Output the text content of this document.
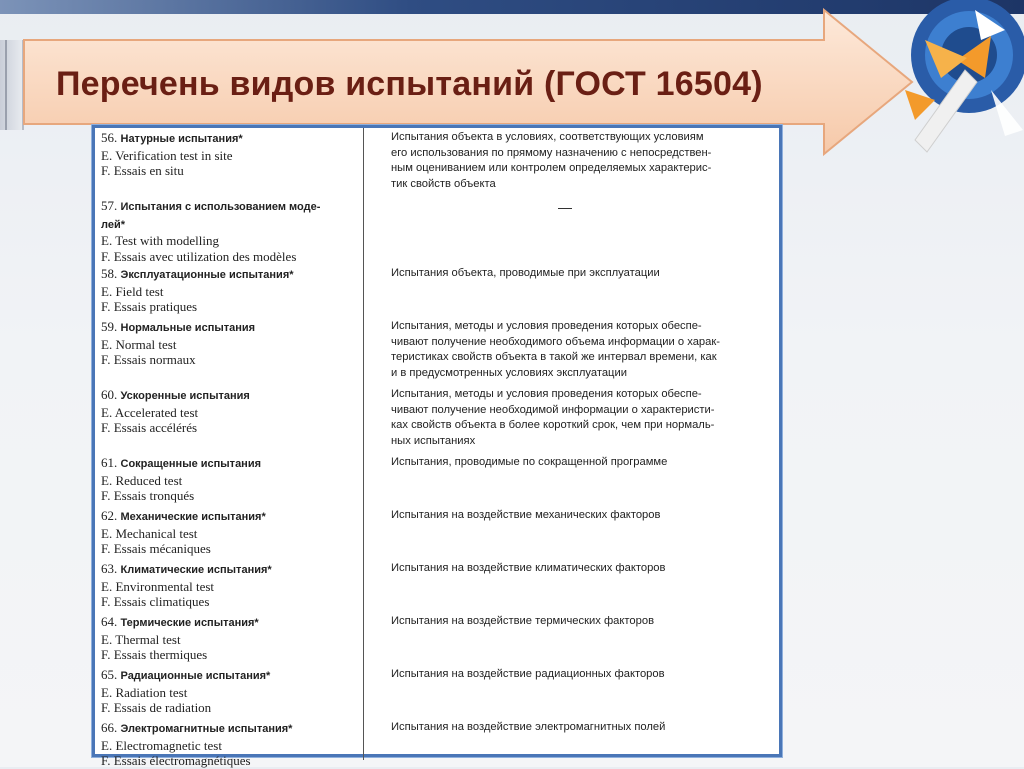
Перечень видов испытаний (ГОСТ 16504)
56. Натурные испытания*
E. Verification test in site
F. Essais en situ
Испытания объекта в условиях, соответствующих условиям
его использования по прямому назначению с непосредствен-
ным оцениванием или контролем определяемых характерис-
тик свойств объекта
57. Испытания с использованием моде-
лей*
E. Test with modelling
F. Essais avec utilization des modèles
—
58. Эксплуатационные испытания*
E. Field test
F. Essais pratiques
Испытания объекта, проводимые при эксплуатации
59. Нормальные испытания
E. Normal test
F. Essais normaux
Испытания, методы и условия проведения которых обеспе-
чивают получение необходимого объема информации о харак-
теристиках свойств объекта в такой же интервал времени, как
и в предусмотренных условиях эксплуатации
60. Ускоренные испытания
E. Accelerated test
F. Essais accélérés
Испытания, методы и условия проведения которых обеспе-
чивают получение необходимой информации о характеристи-
ках свойств объекта в более короткий срок, чем при нормаль-
ных испытаниях
61. Сокращенные испытания
E. Reduced test
F. Essais tronqués
Испытания, проводимые по сокращенной программе
62. Механические испытания*
E. Mechanical test
F. Essais mécaniques
Испытания на воздействие механических факторов
63. Климатические испытания*
E. Environmental test
F. Essais climatiques
Испытания на воздействие климатических факторов
64. Термические испытания*
E. Thermal test
F. Essais thermiques
Испытания на воздействие термических факторов
65. Радиационные испытания*
E. Radiation test
F. Essais de radiation
Испытания на воздействие радиационных факторов
66. Электромагнитные испытания*
E. Electromagnetic test
F. Essais électromagnétiques
Испытания на воздействие электромагнитных полей
